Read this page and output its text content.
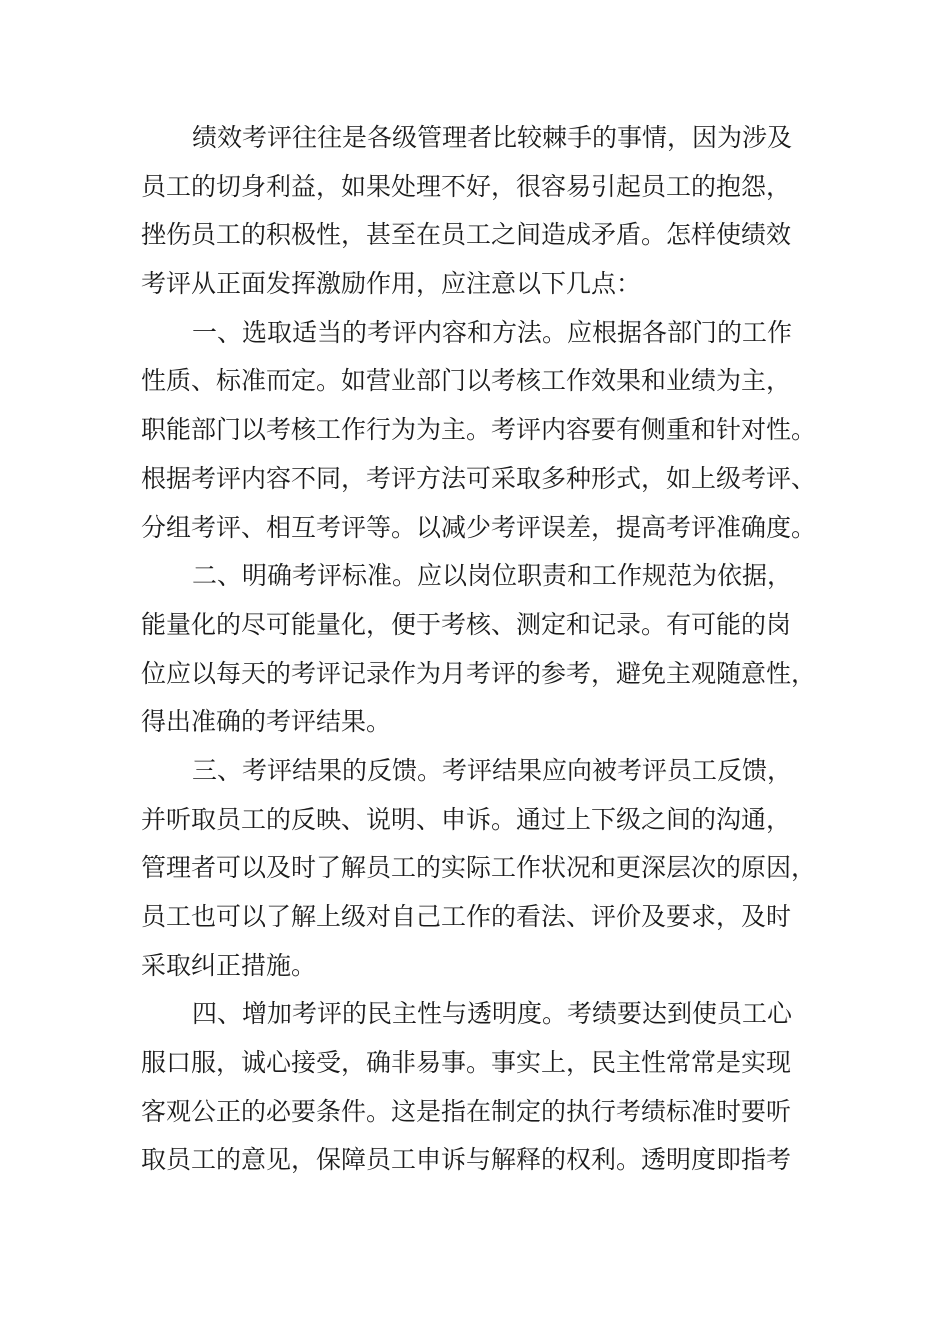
绩效考评往往是各级管理者比较棘手的事情，因为涉及
员工的切身利益，如果处理不好，很容易引起员工的抱怨，
挫伤员工的积极性，甚至在员工之间造成矛盾。怎样使绩效
考评从正面发挥激励作用，应注意以下几点：
一、选取适当的考评内容和方法。应根据各部门的工作
性质、标准而定。如营业部门以考核工作效果和业绩为主，
职能部门以考核工作行为为主。考评内容要有侧重和针对性。
根据考评内容不同，考评方法可采取多种形式，如上级考评、
分组考评、相互考评等。以减少考评误差，提高考评准确度。
二、明确考评标准。应以岗位职责和工作规范为依据，
能量化的尽可能量化，便于考核、测定和记录。有可能的岗
位应以每天的考评记录作为月考评的参考，避免主观随意性，
得出准确的考评结果。
三、考评结果的反馈。考评结果应向被考评员工反馈，
并听取员工的反映、说明、申诉。通过上下级之间的沟通，
管理者可以及时了解员工的实际工作状况和更深层次的原因，
员工也可以了解上级对自己工作的看法、评价及要求，及时
采取纠正措施。
四、增加考评的民主性与透明度。考绩要达到使员工心
服口服，诚心接受，确非易事。事实上，民主性常常是实现
客观公正的必要条件。这是指在制定的执行考绩标准时要听
取员工的意见，保障员工申诉与解释的权利。透明度即指考
